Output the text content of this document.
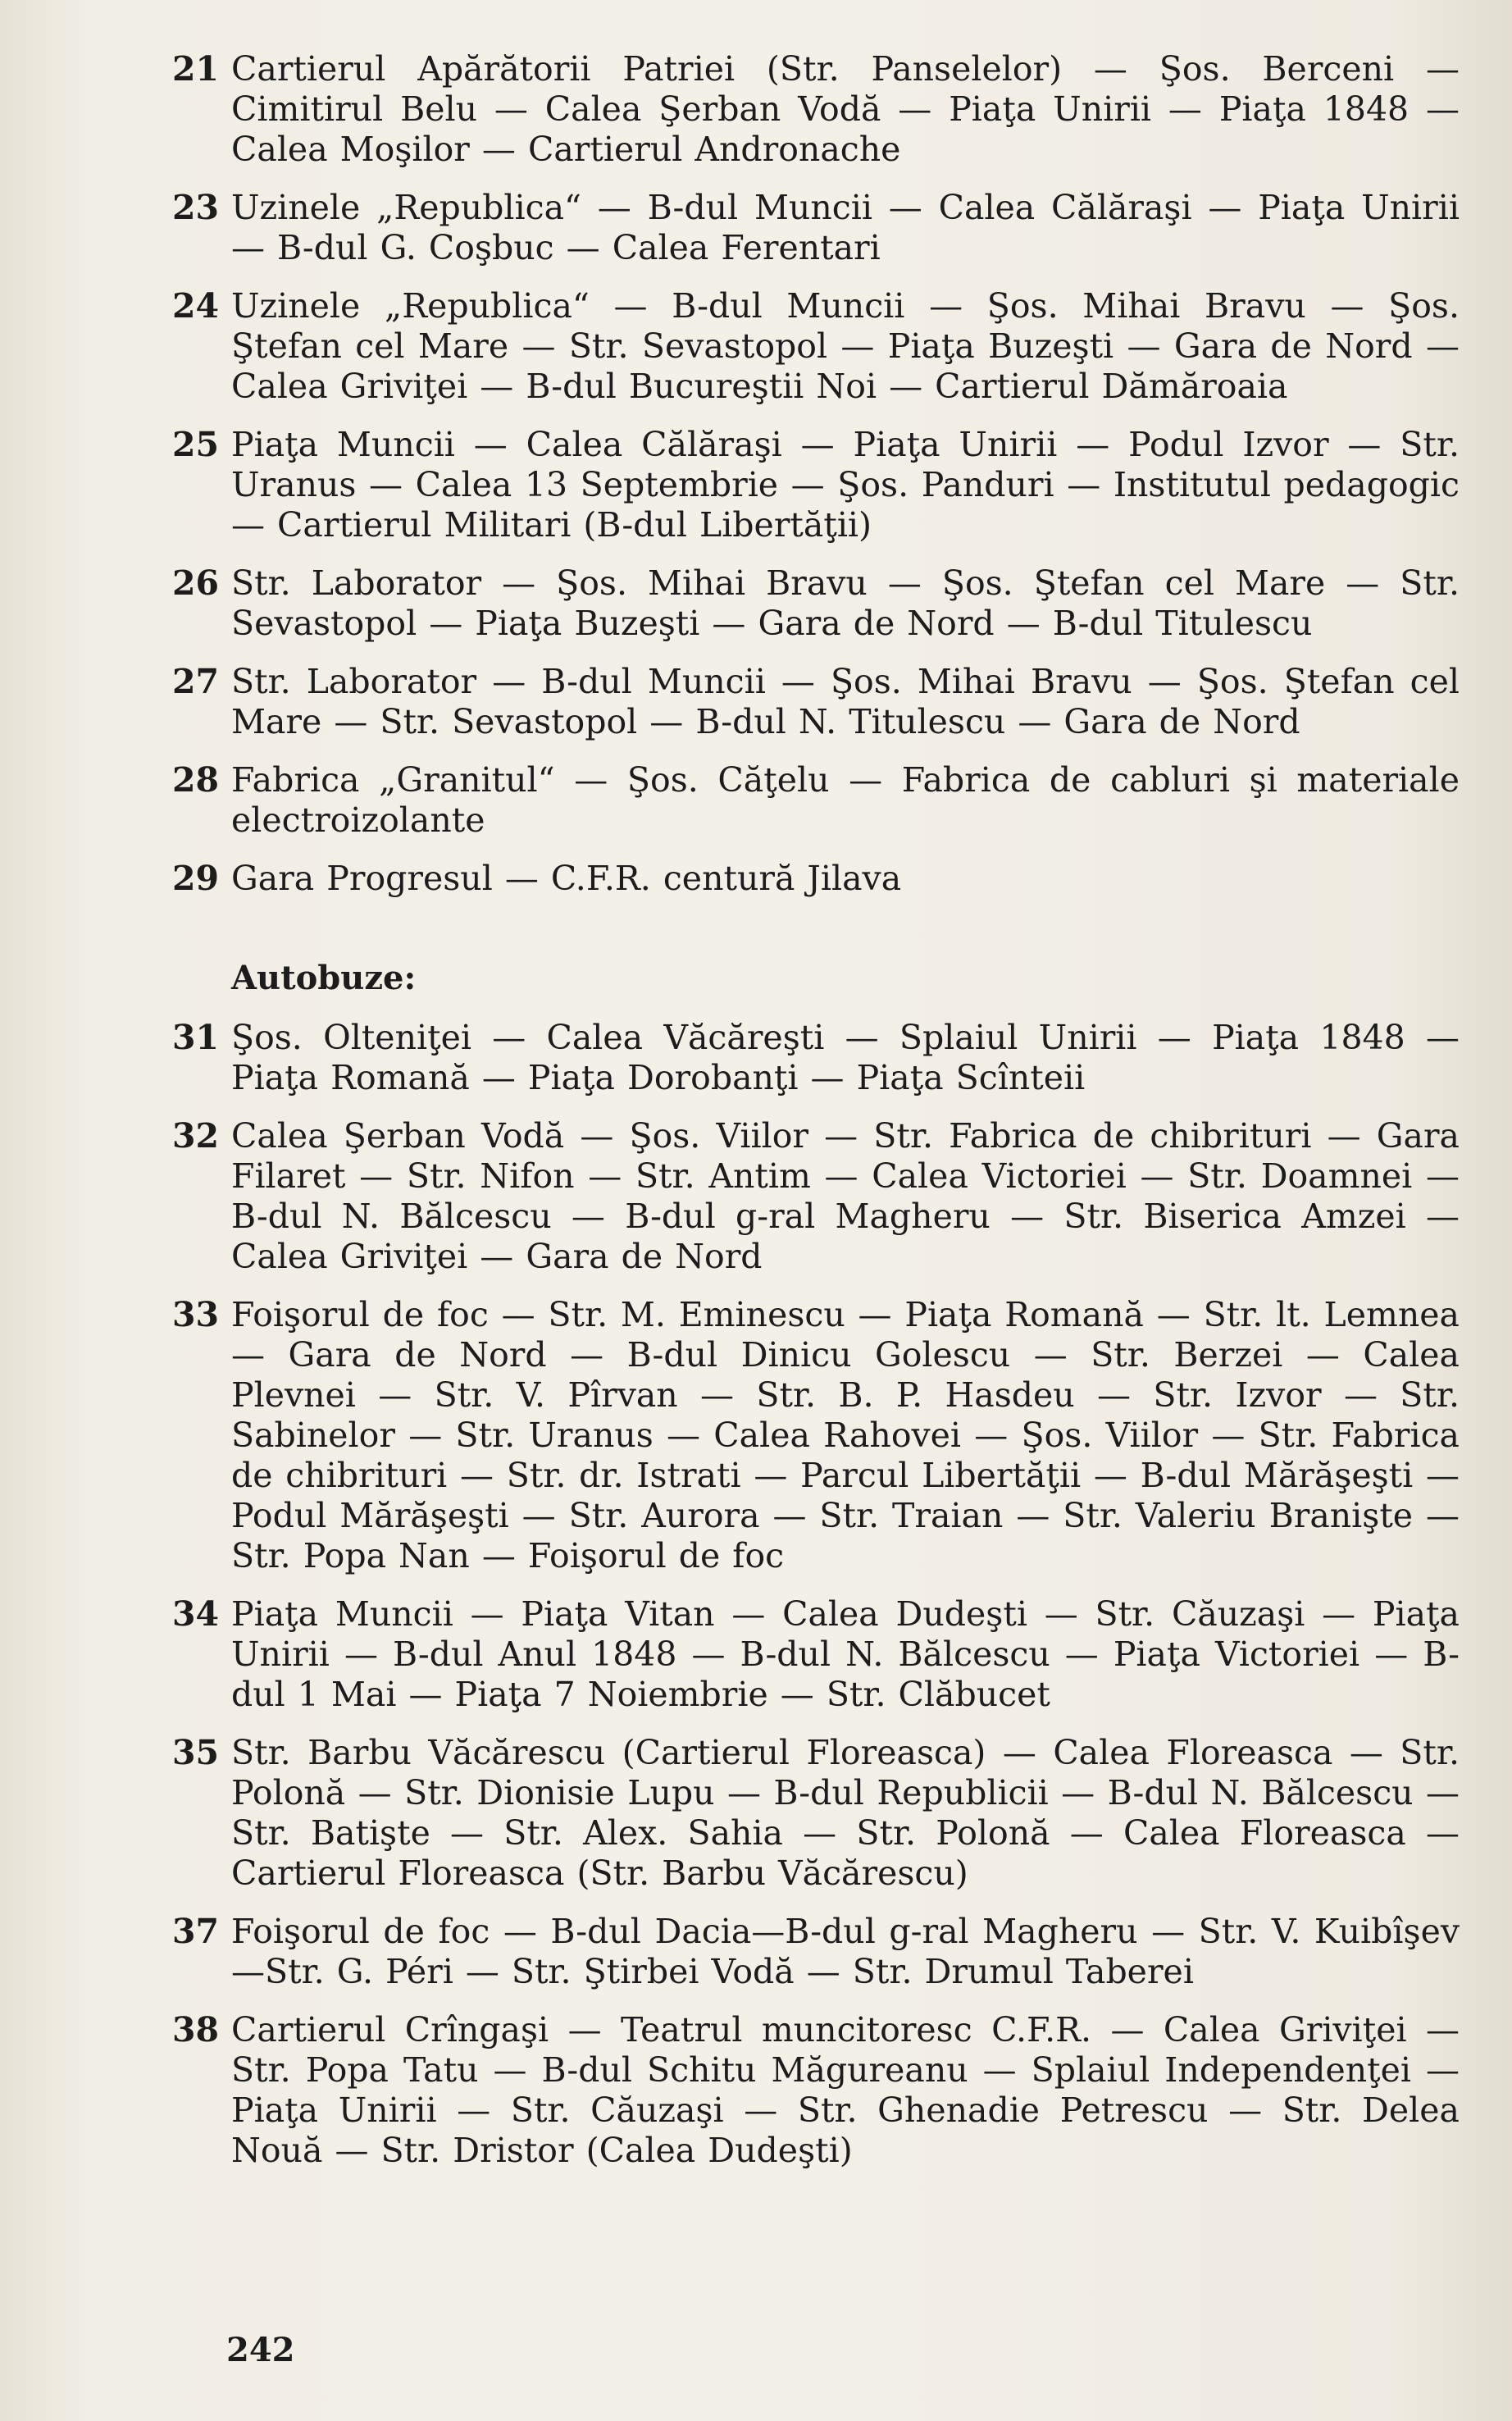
21 Cartierul Apărătorii Patriei (Str. Panselelor) — Şos. Berceni — Cimitirul Belu — Calea Şerban Vodă — Piaţa Unirii — Piaţa 1848 — Calea Moşilor — Cartierul Andronache
23 Uzinele „Republica“ — B-dul Muncii — Calea Călăraşi — Piaţa Unirii — B-dul G. Coşbuc — Calea Ferentari
24 Uzinele „Republica“ — B-dul Muncii — Şos. Mihai Bravu — Şos. Ştefan cel Mare — Str. Sevastopol — Piaţa Buzeşti — Gara de Nord — Calea Griviţei — B-dul Bucureştii Noi — Cartierul Dămăroaia
25 Piaţa Muncii — Calea Călăraşi — Piaţa Unirii — Podul Izvor — Str. Uranus — Calea 13 Septembrie — Şos. Panduri — Institutul pedagogic — Cartierul Militari (B-dul Libertăţii)
26 Str. Laborator — Şos. Mihai Bravu — Şos. Ştefan cel Mare — Str. Sevastopol — Piaţa Buzeşti — Gara de Nord — B-dul Titulescu
27 Str. Laborator — B-dul Muncii — Şos. Mihai Bravu — Şos. Ştefan cel Mare — Str. Sevastopol — B-dul N. Titulescu — Gara de Nord
28 Fabrica „Granitul“ — Şos. Căţelu — Fabrica de cabluri şi materiale electroizolante
29 Gara Progresul — C.F.R. centură Jilava
Autobuze:
31 Şos. Olteniţei — Calea Văcăreşti — Splaiul Unirii — Piaţa 1848 — Piaţa Romană — Piaţa Dorobanţi — Piaţa Scînteii
32 Calea Şerban Vodă — Şos. Viilor — Str. Fabrica de chibrituri — Gara Filaret — Str. Nifon — Str. Antim — Calea Victoriei — Str. Doamnei — B-dul N. Bălcescu — B-dul g-ral Magheru — Str. Biserica Amzei — Calea Griviţei — Gara de Nord
33 Foişorul de foc — Str. M. Eminescu — Piaţa Romană — Str. lt. Lemnea — Gara de Nord — B-dul Dinicu Golescu — Str. Berzei — Calea Plevnei — Str. V. Pîrvan — Str. B. P. Hasdeu — Str. Izvor — Str. Sabinelor — Str. Uranus — Calea Rahovei — Şos. Viilor — Str. Fabrica de chibrituri — Str. dr. Istrati — Parcul Libertăţii — B-dul Mărăşeşti — Podul Mărăşeşti — Str. Aurora — Str. Traian — Str. Valeriu Branişte — Str. Popa Nan — Foişorul de foc
34 Piaţa Muncii — Piaţa Vitan — Calea Dudeşti — Str. Căuzaşi — Piaţa Unirii — B-dul Anul 1848 — B-dul N. Bălcescu — Piaţa Victoriei — B-dul 1 Mai — Piaţa 7 Noiembrie — Str. Clăbucet
35 Str. Barbu Văcărescu (Cartierul Floreasca) — Calea Floreasca — Str. Polonă — Str. Dionisie Lupu — B-dul Republicii — B-dul N. Bălcescu — Str. Batişte — Str. Alex. Sahia — Str. Polonă — Calea Floreasca — Cartierul Floreasca (Str. Barbu Văcărescu)
37 Foişorul de foc — B-dul Dacia—B-dul g-ral Magheru — Str. V. Kuibîşev —Str. G. Péri — Str. Ştirbei Vodă — Str. Drumul Taberei
38 Cartierul Crîngaşi — Teatrul muncitoresc C.F.R. — Calea Griviţei — Str. Popa Tatu — B-dul Schitu Măgureanu — Splaiul Independenţei — Piaţa Unirii — Str. Căuzaşi — Str. Ghenadie Petrescu — Str. Delea Nouă — Str. Dristor (Calea Dudeşti)
242
